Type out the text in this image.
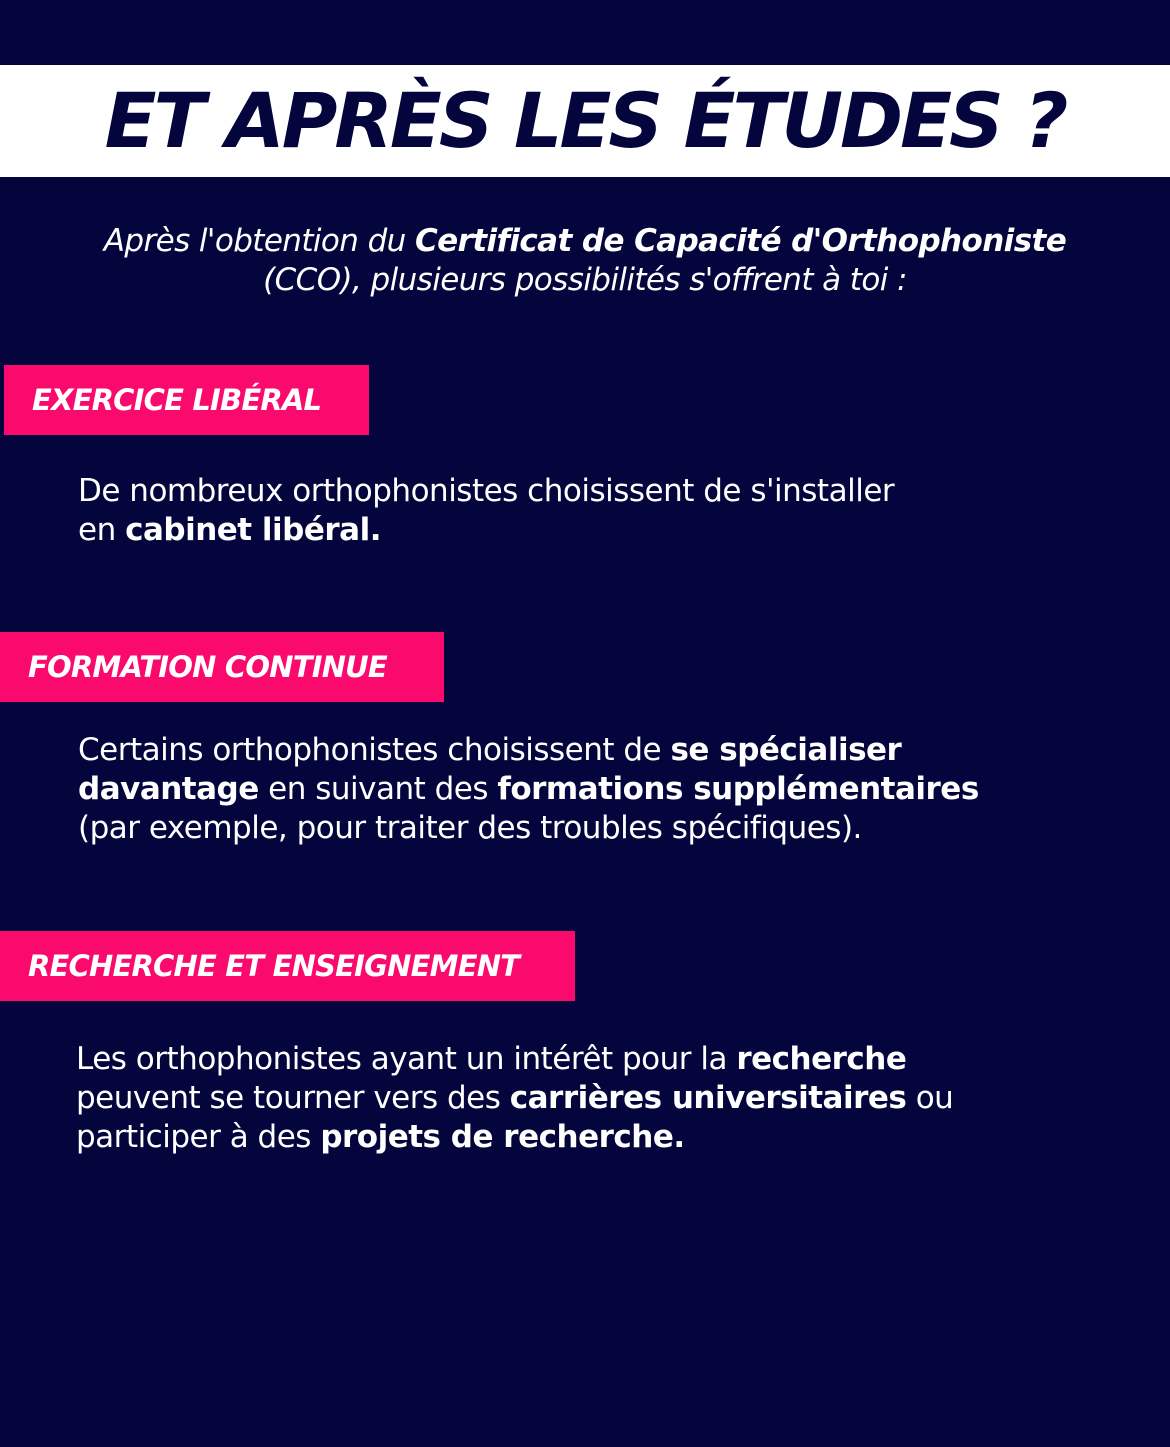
ET APRÈS LES ÉTUDES ?
Après l'obtention du Certificat de Capacité d'Orthophoniste
(CCO), plusieurs possibilités s'offrent à toi :
EXERCICE LIBÉRAL
De nombreux orthophonistes choisissent de s'installer
en cabinet libéral.
FORMATION CONTINUE
Certains orthophonistes choisissent de se spécialiser
davantage en suivant des formations supplémentaires
(par exemple, pour traiter des troubles spécifiques).
RECHERCHE ET ENSEIGNEMENT
Les orthophonistes ayant un intérêt pour la recherche
peuvent se tourner vers des carrières universitaires ou
participer à des projets de recherche.
